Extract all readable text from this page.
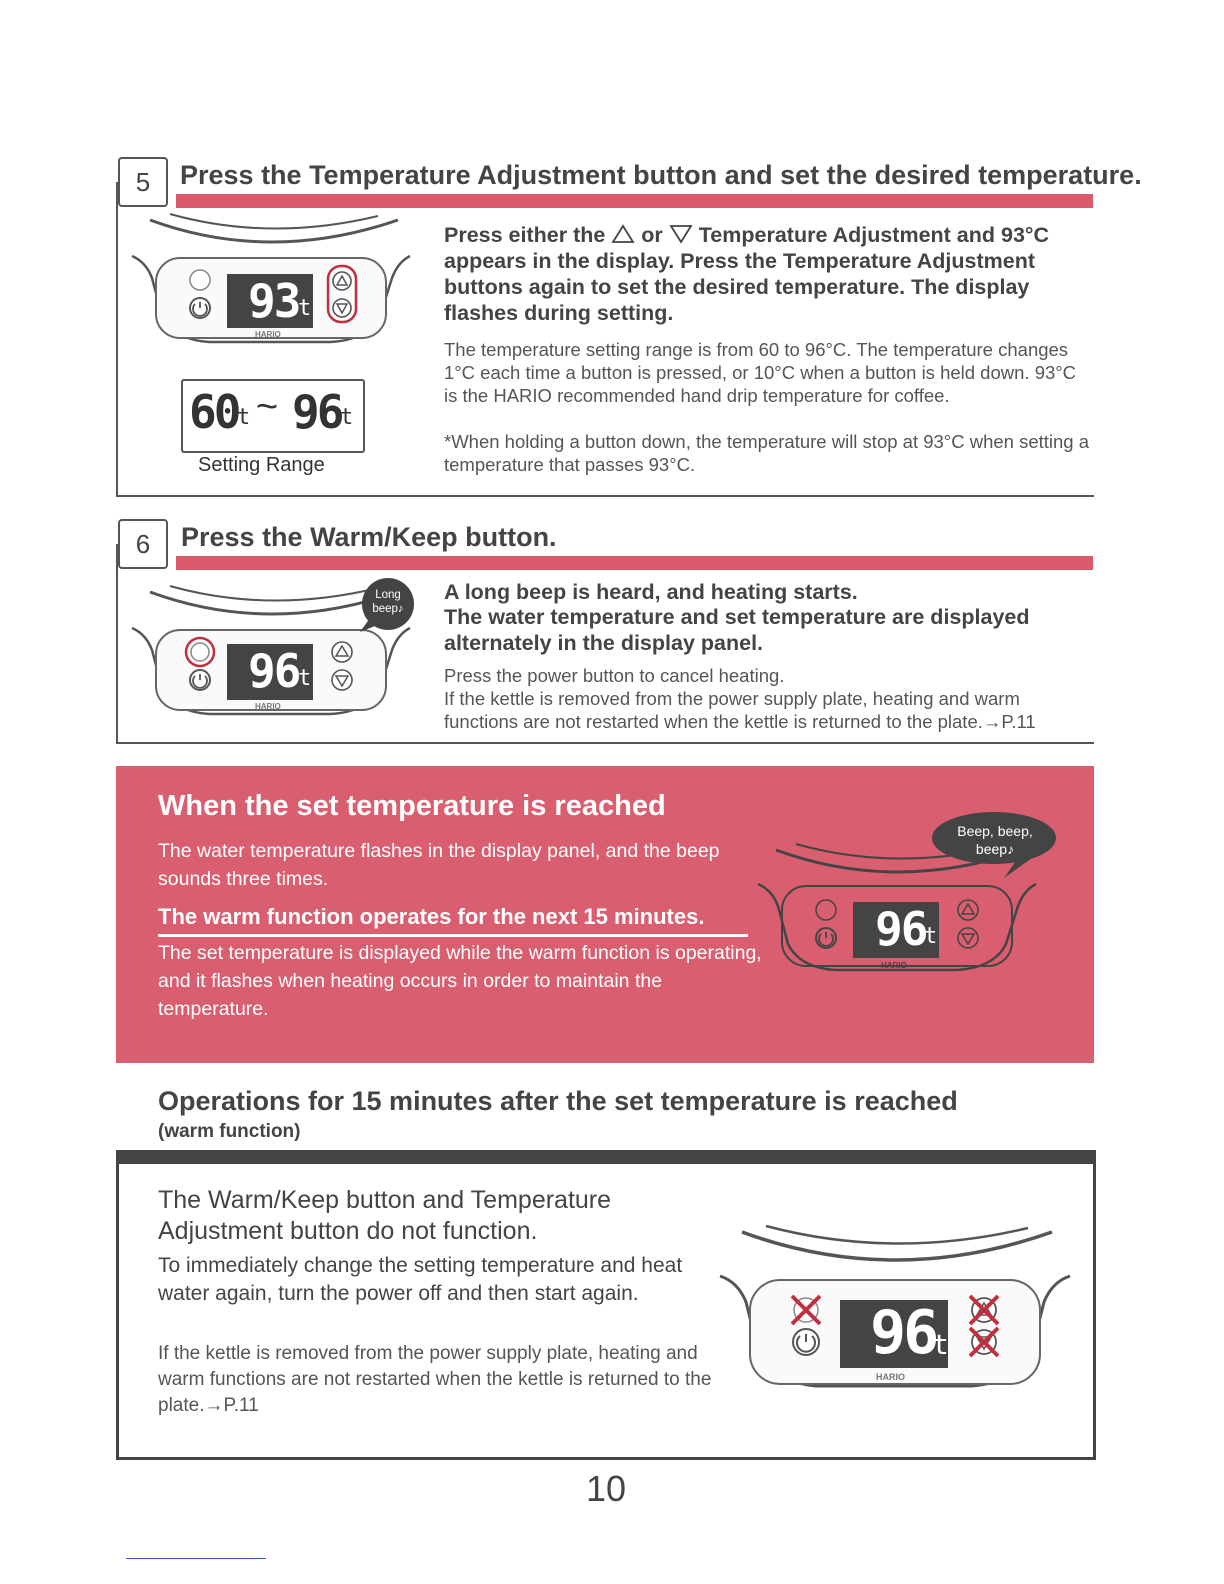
5	Press the Temperature Adjustment button and set the desired temperature.
93
t
HARIO
60
t ~ 96
t
Setting Range
Press either the or Temperature Adjustment and 93°C appears in the display. Press the Temperature Adjustment buttons again to set the desired temperature. The display flashes during setting.
The temperature setting range is from 60 to 96°C. The temperature changes 1°C each time a button is pressed, or 10°C when a button is held down. 93°C is the HARIO recommended hand drip temperature for coffee.
*When holding a button down, the temperature will stop at 93°C when setting a temperature that passes 93°C.
6	Press the Warm/Keep button.
96
t
HARIO
Long beep♪
A long beep is heard, and heating starts.
The water temperature and set temperature are displayed alternately in the display panel.
Press the power button to cancel heating.
If the kettle is removed from the power supply plate, heating and warm functions are not restarted when the kettle is returned to the plate.→P.11
When the set temperature is reached
The water temperature flashes in the display panel, and the beep sounds three times.
The warm function operates for the next 15 minutes.
The set temperature is displayed while the warm function is operating, and it flashes when heating occurs in order to maintain the temperature.
96
t
HARIO
Beep, beep, beep♪
Operations for 15 minutes after the set temperature is reached
(warm function)
The Warm/Keep button and Temperature Adjustment button do not function.
To immediately change the setting temperature and heat water again, turn the power off and then start again.
If the kettle is removed from the power supply plate, heating and warm functions are not restarted when the kettle is returned to the plate.→P.11
96
t
HARIO
10
